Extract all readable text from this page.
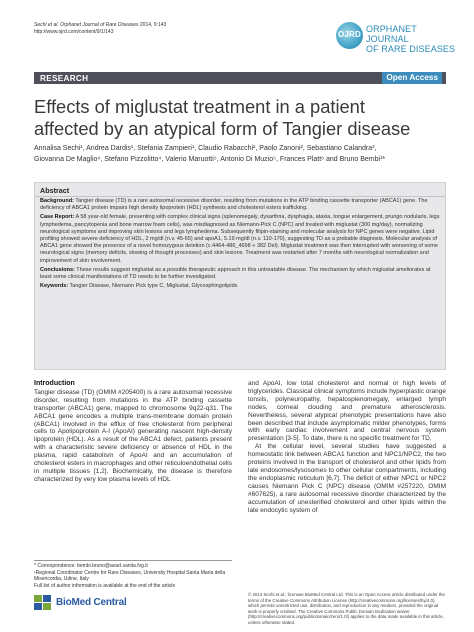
Sechi et al. Orphanet Journal of Rare Diseases 2014, 9:143
http://www.ojrd.com/content/9/1/143	OJRD
ORPHANET JOURNAL
OF RARE DISEASES
RESEARCH	Open Access
Effects of miglustat treatment in a patient
affected by an atypical form of Tangier disease
Annalisa Sechi¹, Andrea Dardis¹, Stefania Zampieri¹, Claudio Rabacchi², Paolo Zanoni², Sebastiano Calandra³,
Giovanna De Maglio⁴, Stefano Pizzolitto⁴, Valerio Maruotti⁵, Antonio Di Muzio⁵, Frances Platt⁶ and Bruno Bembi¹*
Abstract

Background: Tangier disease (TD) is a rare autosomal recessive disorder, resulting from mutations in the ATP binding cassette transporter (ABCA1) gene. The deficiency of ABCA1 protein impairs high density lipoprotein (HDL) synthesis and cholesterol esters trafficking.

Case Report: A 58 year-old female, presenting with complex clinical signs (splenomegaly, dysarthria, dysphagia, ataxia, tongue enlargement, prurigo nodularis, legs lymphedema, pancytopenia and bone marrow foam cells), was misdiagnosed as Niemann-Pick C (NPC) and treated with miglustat (300 mg/day), normalizing neurological symptoms and improving skin lesions and legs lymphedema. Subsequently filipin-staining and molecular analysis for NPC genes were negative. Lipid profiling showed severe deficiency of HDL, 2 mg/dl (n.v. 45-65) and apoA1, 5.19 mg/dl (n.v. 110-170), suggesting TD as a probable diagnosis. Molecular analysis of ABCA1 gene showed the presence of a novel homozygous deletion (c.4464-486_4698 + 382 Del). Miglustat treatment was then interrupted with worsening of some neurological signs (memory deficits, slowing of thought processes) and skin lesions. Treatment was restarted after 7 months with neurological normalization and improvement of skin involvement.

Conclusions: These results suggest miglustat as a possible therapeutic approach in this untreatable disease. The mechanism by which miglustat ameliorates at least some clinical manifestations of TD needs to be further investigated.

Keywords: Tangier Disease, Niemann Pick type C, Miglustat, Glycosphingolipids

Introduction

Tangier disease (TD) (OMIM #205400) is a rare autosomal recessive disorder, resulting from mutations in the ATP binding cassette transporter (ABCA1) gene, mapped to chromosome 9q22-q31. The ABCA1 gene encodes a multiple trans-membrane domain protein (ABCA1) involved in the efflux of free cholesterol from peripheral cells to Apolipoprotein A-I (ApoAI) generating nascent high-density lipoprotein (HDL). As a result of the ABCA1 defect, patients present with a characteristic severe deficiency or absence of HDL in the plasma, rapid catabolism of ApoAI and an accumulation of cholesterol esters in macrophages and other reticuloendothelial cells in multiple tissues [1,2]. Biochemically, the disease is therefore characterized by very low plasma levels of HDL

and ApoAI, low total cholesterol and normal or high levels of triglycerides. Classical clinical symptoms include hyperplastic orange tonsils, polyneuropathy, hepatosplenomegaly, enlarged lymph nodes, corneal clouding and premature atherosclerosis. Nevertheless, several atypical phenotypic presentations have also been described that include asymptomatic milder phenotypes, forms with early cardiac involvement and central nervous system presentation [3-5]. To date, there is no specific treatment for TD.

At the cellular level, several studies have suggested a homeostatic link between ABCA1 function and NPC1/NPC2, the two proteins involved in the transport of cholesterol and other lipids from late endosomes/lysosomes to other cellular compartments, including the endoplasmic reticulum [6,7]. The deficit of either NPC1 or NPC2 causes Niemann Pick C (NPC) disease (OMIM #257220, OMIM #607625), a rare autosomal recessive disorder characterized by the accumulation of unesterified cholesterol and other lipids within the late endocytic system of

* Correspondence: bembi.bruno@aoud.sanita.fvg.it
¹Regional Coordinator Centre for Rare Diseases, University Hospital Santa Maria della Misericordia, Udine, Italy
Full list of author information is available at the end of the article
BioMed Central
© 2014 Sechi et al.; licensee BioMed Central Ltd. This is an Open Access article distributed under the terms of the Creative Commons Attribution License (http://creativecommons.org/licenses/by/4.0), which permits unrestricted use, distribution, and reproduction in any medium, provided the original work is properly credited. The Creative Commons Public Domain Dedication waiver (http://creativecommons.org/publicdomain/zero/1.0/) applies to the data made available in this article, unless otherwise stated.
